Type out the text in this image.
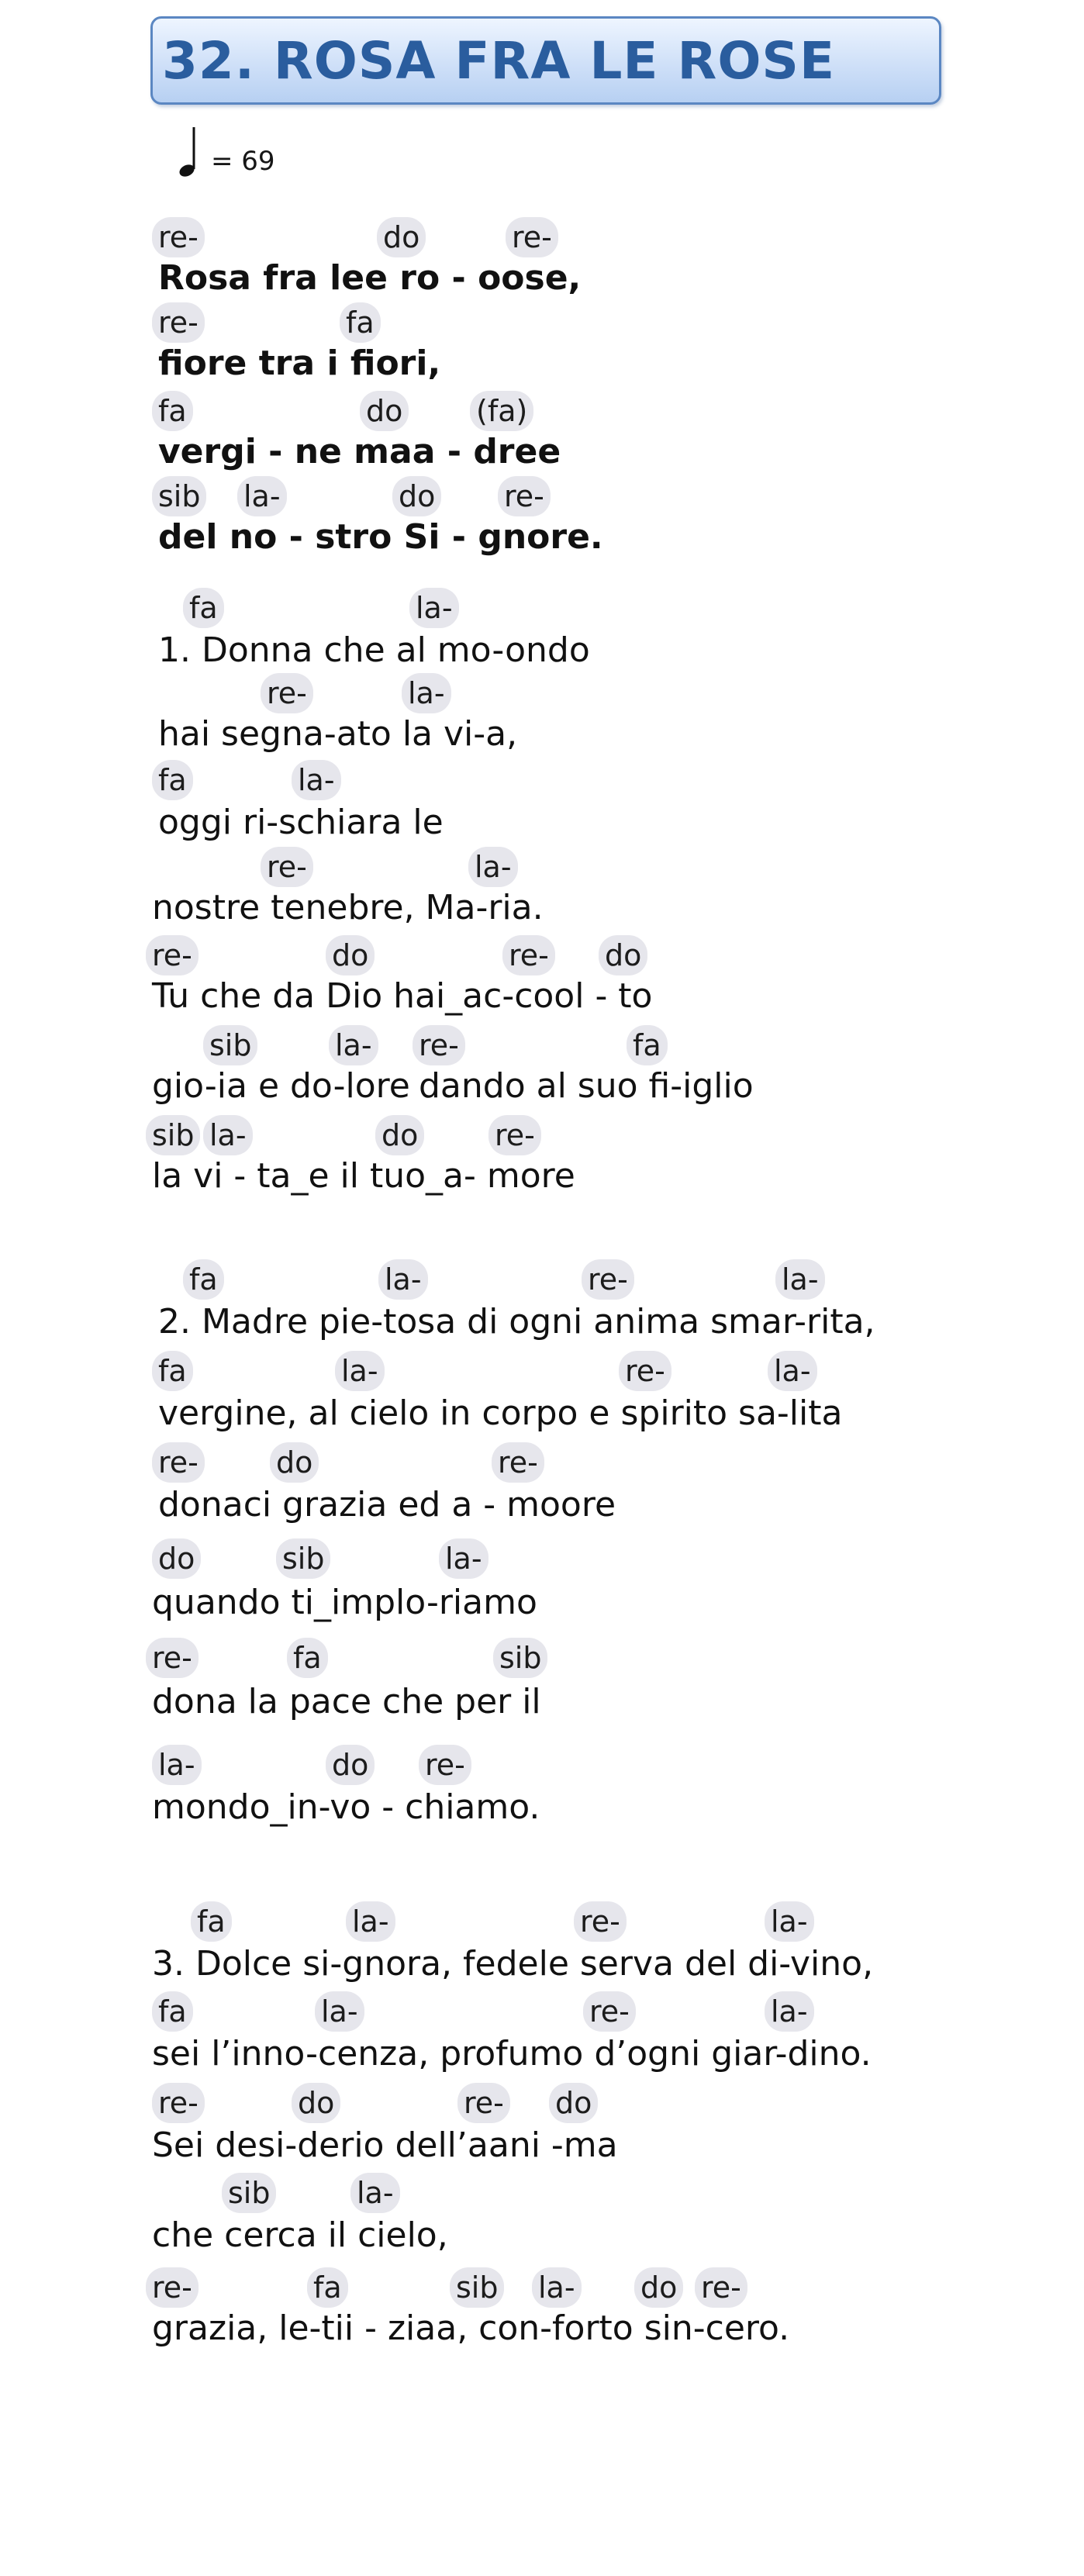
32. ROSA FRA LE ROSE
= 69
re-	do	re-
Rosa fra lee ro - oose,
re-	fa
fiore tra i fiori,
fa	do (fa)
vergi - ne maa - dree
sib la-	do re-
del no - stro Si - gnore.
fa	la-
1. Donna che al mo-ondo
re-	la-
hai segna-ato la vi-a,
fa	la-
oggi ri-schiara le
re-	la-
nostre tenebre, Ma-ria.
re-	do	re- do
Tu che da Dio hai_ac-cool - to
sib	la- re-	fa
gio-ia e do-lore dando al suo fi-iglio
sib la-	do	re-
la vi - ta_e il tuo_a- more
fa	la-	re-	la-
2. Madre pie-tosa di ogni anima smar-rita,
fa	la-	re-	la-
vergine, al cielo in corpo e spirito sa-lita
re-	do	re-
donaci grazia ed a - moore
do	sib	la-
quando ti_implo-riamo
re-	fa	sib
dona la pace che per il
la-	do re-
mondo_in-vo - chiamo.
fa	la-	re-	la-
3. Dolce si-gnora, fedele serva del di-vino,
fa	la-	re-	la-
sei l’inno-cenza, profumo d’ogni giar-dino.
re-	do	re- do
Sei desi-derio dell’aani -ma
sib	la-
che cerca il cielo,
re-	fa	sib la- do re-
grazia, le-tii - ziaa, con-forto sin-cero.
